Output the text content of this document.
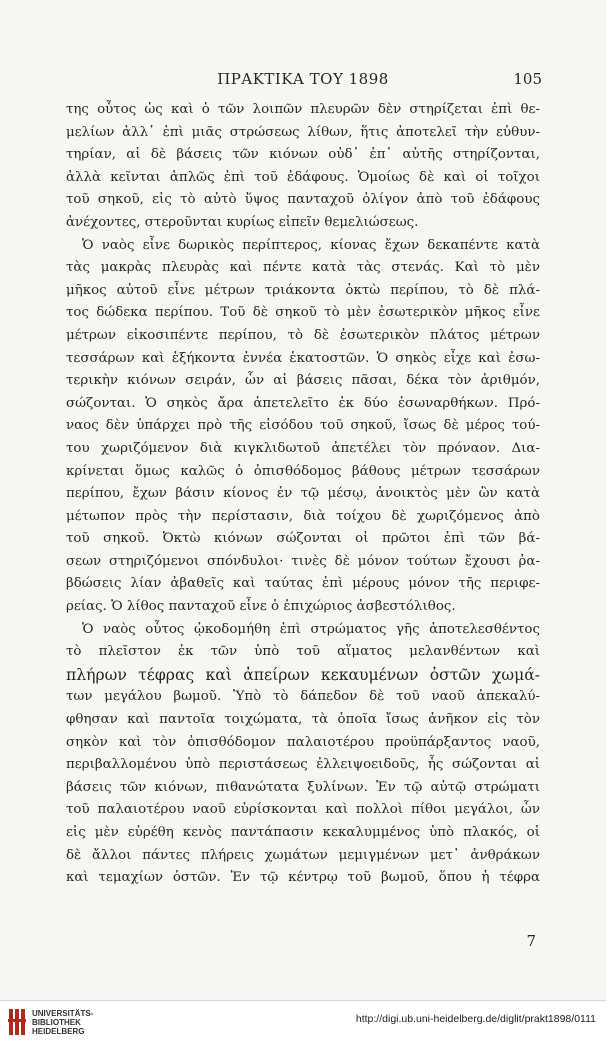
ΠΡΑΚΤΙΚΑ ΤΟΥ 1898	105
της οὗτος ὡς καὶ ὁ τῶν λοιπῶν πλευρῶν δὲν στηρίζεται ἐπὶ θε-
μελίων ἀλλ᾽ ἐπὶ μιᾶς στρώσεως λίθων, ἥτις ἀποτελεῖ τὴν εὐθυν-
τηρίαν, αἱ δὲ βάσεις τῶν κιόνων οὐδ᾽ ἐπ᾽ αὐτῆς στηρίζονται,
ἀλλὰ κεῖνται ἁπλῶς ἐπὶ τοῦ ἐδάφους. Ὁμοίως δὲ καὶ οἱ τοῖχοι
τοῦ σηκοῦ, εἰς τὸ αὐτὸ ὕψος πανταχοῦ ὀλίγον ἀπὸ τοῦ ἐδάφους
ἀνέχοντες, στεροῦνται κυρίως εἰπεῖν θεμελιώσεως.
Ὁ ναὸς εἶνε δωρικὸς περίπτερος, κίονας ἔχων δεκαπέντε κατὰ
τὰς μακρὰς πλευρὰς καὶ πέντε κατὰ τὰς στενάς. Καὶ τὸ μὲν
μῆκος αὐτοῦ εἶνε μέτρων τριάκοντα ὀκτὼ περίπου, τὸ δὲ πλά-
τος δώδεκα περίπου. Τοῦ δὲ σηκοῦ τὸ μὲν ἐσωτερικὸν μῆκος εἶνε
μέτρων εἰκοσιπέντε περίπου, τὸ δὲ ἐσωτερικὸν πλάτος μέτρων
τεσσάρων καὶ ἑξήκοντα ἐννέα ἑκατοστῶν. Ὁ σηκὸς εἶχε καὶ ἐσω-
τερικὴν κιόνων σειράν, ὧν αἱ βάσεις πᾶσαι, δέκα τὸν ἀριθμόν,
σώζονται. Ὁ σηκὸς ἄρα ἀπετελεῖτο ἐκ δύο ἐσωναρθήκων. Πρό-
ναος δὲν ὑπάρχει πρὸ τῆς εἰσόδου τοῦ σηκοῦ, ἴσως δὲ μέρος τού-
του χωριζόμενον διὰ κιγκλιδωτοῦ ἀπετέλει τὸν πρόναον. Δια-
κρίνεται ὅμως καλῶς ὁ ὀπισθόδομος βάθους μέτρων τεσσάρων
περίπου, ἔχων βάσιν κίονος ἐν τῷ μέσῳ, ἀνοικτὸς μὲν ὢν κατὰ
μέτωπον πρὸς τὴν περίστασιν, διὰ τοίχου δὲ χωριζόμενος ἀπὸ
τοῦ σηκοῦ. Ὀκτὼ κιόνων σώζονται οἱ πρῶτοι ἐπὶ τῶν βά-
σεων στηριζόμενοι σπόνδυλοι· τινὲς δὲ μόνον τούτων ἔχουσι ῥα-
βδώσεις λίαν ἀβαθεῖς καὶ ταύτας ἐπὶ μέρους μόνον τῆς περιφε-
ρείας. Ὁ λίθος πανταχοῦ εἶνε ὁ ἐπιχώριος ἀσβεστόλιθος.
Ὁ ναὸς οὗτος ᾠκοδομήθη ἐπὶ στρώματος γῆς ἀποτελεσθέντος
τὸ πλεῖστον ἐκ τῶν ὑπὸ τοῦ αἵματος μελανθέντων καὶ
πλήρων τέφρας καὶ ἀπείρων κεκαυμένων ὀστῶν χωμά-
των μεγάλου βωμοῦ. Ὑπὸ τὸ δάπεδον δὲ τοῦ ναοῦ ἀπεκαλύ-
φθησαν καὶ παντοῖα τοιχώματα, τὰ ὁποῖα ἴσως ἀνῆκον εἰς τὸν
σηκὸν καὶ τὸν ὀπισθόδομον παλαιοτέρου προϋπάρξαντος ναοῦ,
περιβαλλομένου ὑπὸ περιστάσεως ἐλλειψοειδοῦς, ἧς σώζονται αἱ
βάσεις τῶν κιόνων, πιθανώτατα ξυλίνων. Ἐν τῷ αὐτῷ στρώματι
τοῦ παλαιοτέρου ναοῦ εὑρίσκονται καὶ πολλοὶ πίθοι μεγάλοι, ὧν
εἰς μὲν εὑρέθη κενὸς παντάπασιν κεκαλυμμένος ὑπὸ πλακός, οἱ
δὲ ἄλλοι πάντες πλήρεις χωμάτων μεμιγμένων μετ᾽ ἀνθράκων
καὶ τεμαχίων ὀστῶν. Ἐν τῷ κέντρῳ τοῦ βωμοῦ, ὅπου ἡ τέφρα
7
UNIVERSITÄTS-
BIBLIOTHEK
HEIDELBERG
http://digi.ub.uni-heidelberg.de/diglit/prakt1898/0111
